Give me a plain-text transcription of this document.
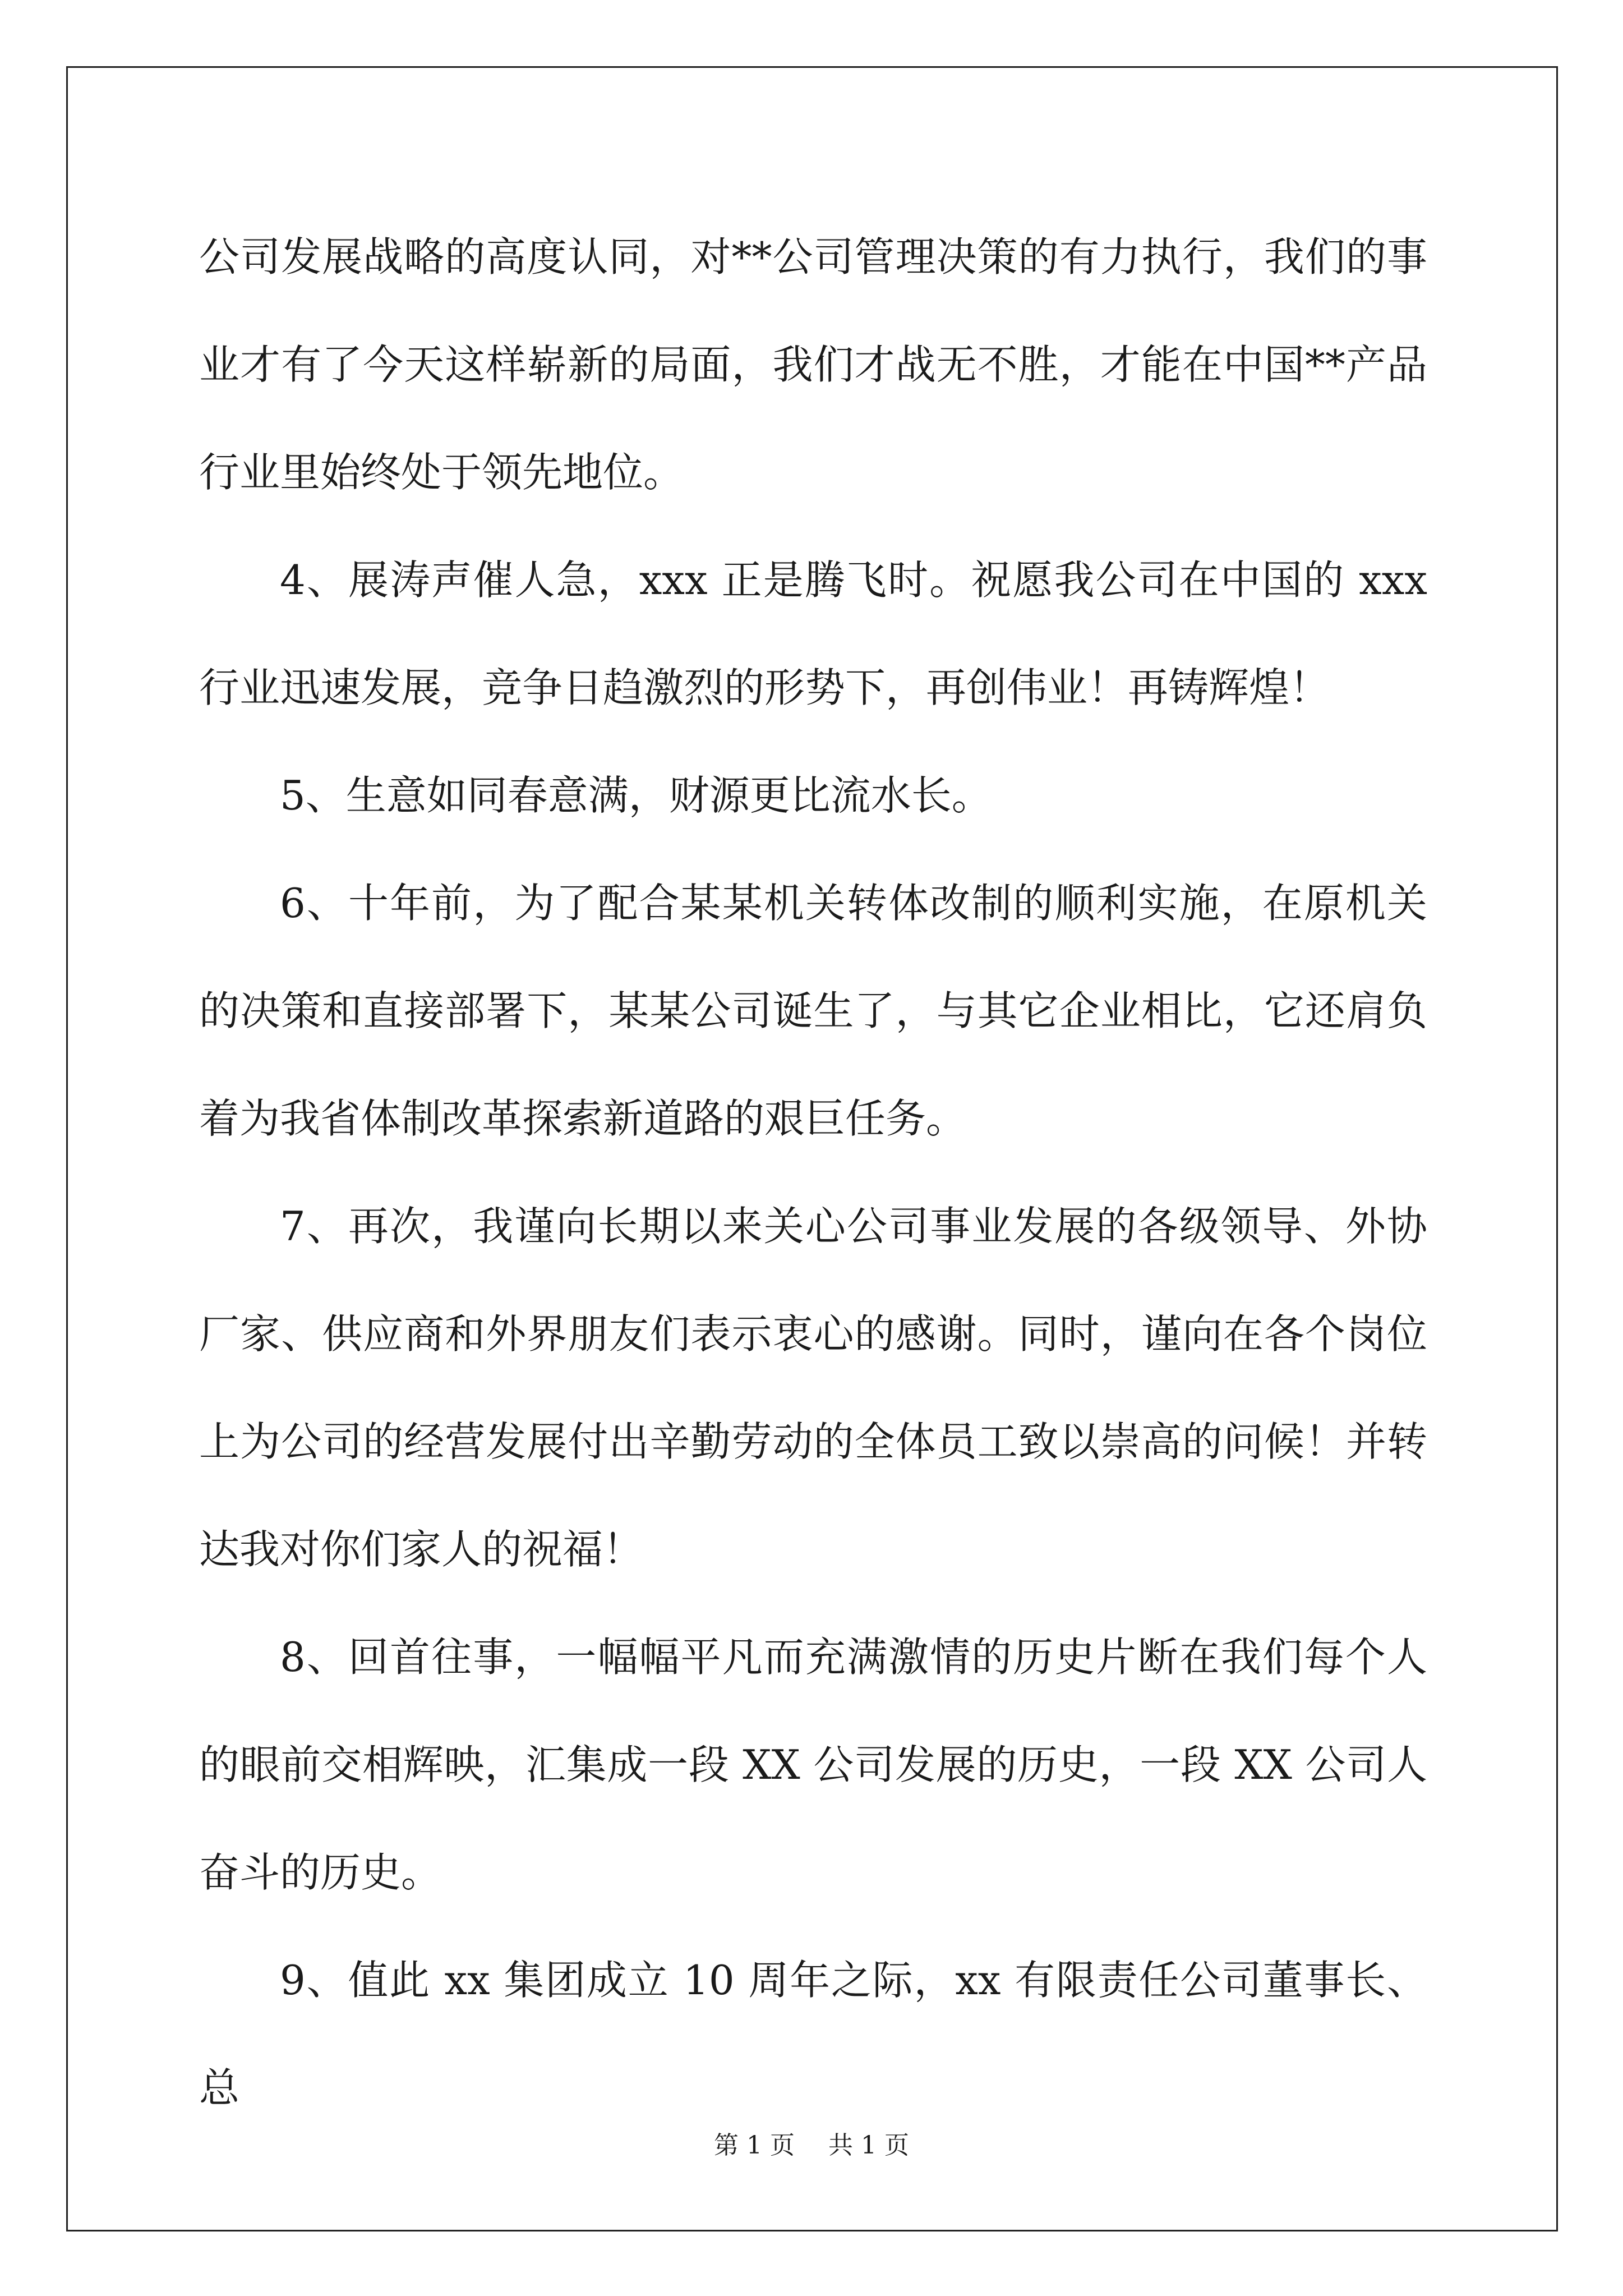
公司发展战略的高度认同，对**公司管理决策的有力执行，我们的事业才有了今天这样崭新的局面，我们才战无不胜，才能在中国**产品行业里始终处于领先地位。

4、展涛声催人急，xxx 正是腾飞时。祝愿我公司在中国的 xxx 行业迅速发展，竞争日趋激烈的形势下，再创伟业！再铸辉煌！

5、生意如同春意满，财源更比流水长。

6、十年前，为了配合某某机关转体改制的顺利实施，在原机关的决策和直接部署下，某某公司诞生了，与其它企业相比，它还肩负着为我省体制改革探索新道路的艰巨任务。

7、再次，我谨向长期以来关心公司事业发展的各级领导、外协厂家、供应商和外界朋友们表示衷心的感谢。同时，谨向在各个岗位上为公司的经营发展付出辛勤劳动的全体员工致以崇高的问候！并转达我对你们家人的祝福！

8、回首往事，一幅幅平凡而充满激情的历史片断在我们每个人的眼前交相辉映，汇集成一段 XX 公司发展的历史，一段 XX 公司人奋斗的历史。

9、值此 xx 集团成立 10 周年之际，xx 有限责任公司董事长、总

第 1 页 共 1 页
